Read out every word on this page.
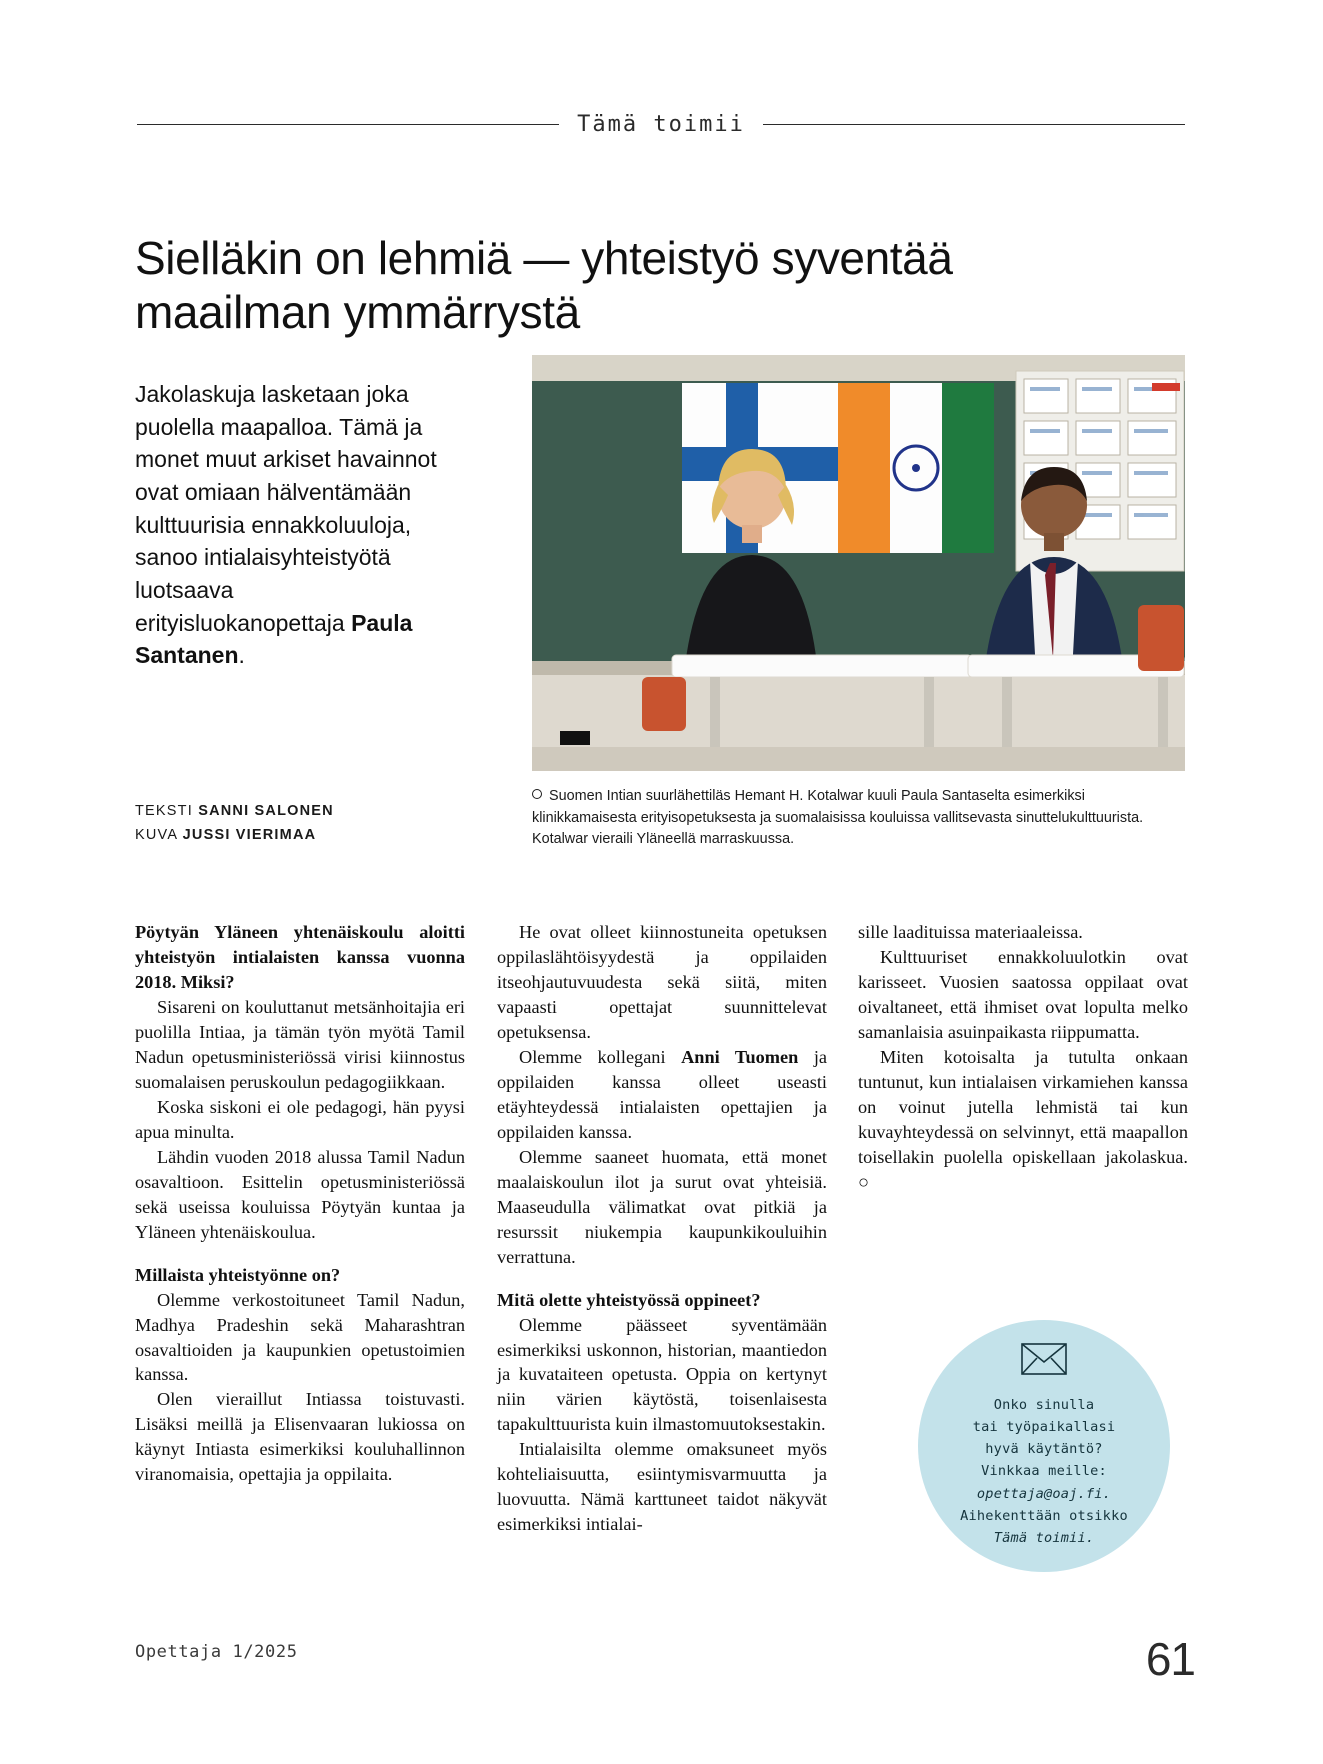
Tämä toimii
Sielläkin on lehmiä — yhteistyö syventää maailman ymmärrystä
Jakolaskuja lasketaan joka puolella maapalloa. Tämä ja monet muut arkiset havainnot ovat omiaan hälventämään kulttuurisia ennakkoluuloja, sanoo intialaisyhteistyötä luotsaava erityisluokanopettaja Paula Santanen.
TEKSTI SANNI SALONEN
KUVA JUSSI VIERIMAA
Suomen Intian suurlähettiläs Hemant H. Kotalwar kuuli Paula Santaselta esimerkiksi klinikkamaisesta erityisopetuksesta ja suomalaisissa kouluissa vallitsevasta sinuttelukulttuurista. Kotalwar vieraili Yläneellä marraskuussa.

Pöytyän Yläneen yhtenäiskoulu aloitti yhteistyön intialaisten kanssa vuonna 2018. Miksi?

Sisareni on kouluttanut metsänhoitajia eri puolilla Intiaa, ja tämän työn myötä Tamil Nadun opetusministeriössä virisi kiinnostus suomalaisen peruskoulun pedagogiikkaan.

Koska siskoni ei ole pedagogi, hän pyysi apua minulta.

Lähdin vuoden 2018 alussa Tamil Nadun osavaltioon. Esittelin opetusministeriössä sekä useissa kouluissa Pöytyän kuntaa ja Yläneen yhtenäiskoulua.

Millaista yhteistyönne on?

Olemme verkostoituneet Tamil Nadun, Madhya Pradeshin sekä Maharashtran osavaltioiden ja kaupunkien opetustoimien kanssa.

Olen vieraillut Intiassa toistuvasti. Lisäksi meillä ja Elisenvaaran lukiossa on käynyt Intiasta esimerkiksi kouluhallinnon viranomaisia, opettajia ja oppilaita.

He ovat olleet kiinnostuneita opetuksen oppilaslähtöisyydestä ja oppilaiden itseohjautuvuudesta sekä siitä, miten vapaasti opettajat suunnittelevat opetuksensa.

Olemme kollegani Anni Tuomen ja oppilaiden kanssa olleet useasti etäyhteydessä intialaisten opettajien ja oppilaiden kanssa.

Olemme saaneet huomata, että monet maalaiskoulun ilot ja surut ovat yhteisiä. Maaseudulla välimatkat ovat pitkiä ja resurssit niukempia kaupunkikouluihin verrattuna.

Mitä olette yhteistyössä oppineet?

Olemme päässeet syventämään esimerkiksi uskonnon, historian, maantiedon ja kuvataiteen opetusta. Oppia on kertynyt niin värien käytöstä, toisenlaisesta tapakulttuurista kuin ilmastomuutoksestakin.

Intialaisilta olemme omaksuneet myös kohteliaisuutta, esiintymisvarmuutta ja luovuutta. Nämä karttuneet taidot näkyvät esimerkiksi intialai-

sille laadituissa materiaaleissa.

Kulttuuriset ennakkoluulotkin ovat karisseet. Vuosien saatossa oppilaat ovat oivaltaneet, että ihmiset ovat lopulta melko samanlaisia asuinpaikasta riippumatta.

Miten kotoisalta ja tutulta onkaan tuntunut, kun intialaisen virkamiehen kanssa on voinut jutella lehmistä tai kun kuvayhteydessä on selvinnyt, että maapallon toisellakin puolella opiskellaan jakolaskua. ○

Onko sinulla
tai työpaikallasi
hyvä käytäntö?
Vinkkaa meille:
opettaja@oaj.fi.
Aihekenttään otsikko
Tämä toimii.
Opettaja 1/2025	61
